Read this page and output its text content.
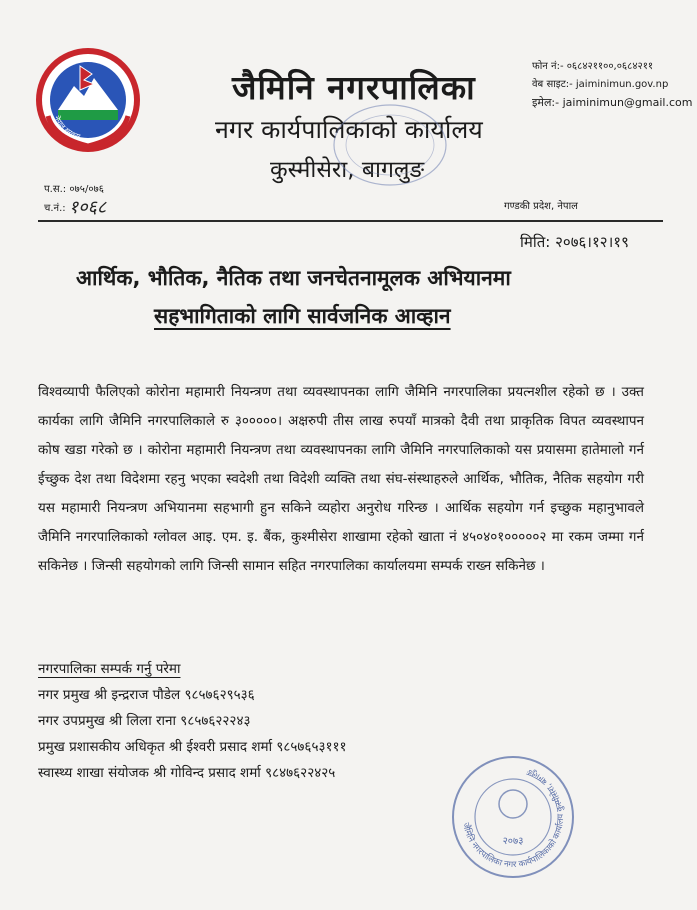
नेपाल सरकार
जैमिनि नगरपालिका
नगर कार्यपालिकाको कार्यालय
कुस्मीसेरा, बागलुङ
फोन नं:- ०६८४२११००,०६८४२११
वेब साइट:- jaiminimun.gov.np
इमेल:- jaiminimun@gmail.com
प.स.: ०७५/०७६
च.नं.: १०६८	गण्डकी प्रदेश, नेपाल
मिति: २०७६।१२।१९
आर्थिक, भौतिक, नैतिक तथा जनचेतनामूलक अभियानमा
सहभागिताको लागि सार्वजनिक आव्हान
विश्वव्यापी फैलिएको कोरोना महामारी नियन्त्रण तथा व्यवस्थापनका लागि जैमिनि नगरपालिका प्रयत्नशील रहेको छ । उक्त कार्यका लागि जैमिनि नगरपालिकाले रु ३०००००। अक्षरुपी तीस लाख रुपयाँ मात्रको दैवी तथा प्राकृतिक विपत व्यवस्थापन कोष खडा गरेको छ । कोरोना महामारी नियन्त्रण तथा व्यवस्थापनका लागि जैमिनि नगरपालिकाको यस प्रयासमा हातेमालो गर्न ईच्छुक देश तथा विदेशमा रहनु भएका स्वदेशी तथा विदेशी व्यक्ति तथा संघ-संस्थाहरुले आर्थिक, भौतिक, नैतिक सहयोग गरी यस महामारी नियन्त्रण अभियानमा सहभागी हुन सकिने व्यहोरा अनुरोध गरिन्छ । आर्थिक सहयोग गर्न इच्छुक महानुभावले जैमिनि नगरपालिकाको ग्लोवल आइ. एम. इ. बैंक, कुश्मीसेरा शाखामा रहेको खाता नं ४५०४०१०००००२ मा रकम जम्मा गर्न सकिनेछ । जिन्सी सहयोगको लागि जिन्सी सामान सहित नगरपालिका कार्यालयमा सम्पर्क राख्न सकिनेछ ।
नगरपालिका सम्पर्क गर्नु परेमा
नगर प्रमुख श्री इन्द्रराज पौडेल ९८५७६२९५३६
नगर उपप्रमुख श्री लिला राना ९८५७६२२२४३
प्रमुख प्रशासकीय अधिकृत श्री ईश्वरी प्रसाद शर्मा ९८५७६५३१११
स्वास्थ्य शाखा संयोजक श्री गोविन्द प्रसाद शर्मा ९८४७६२२४२५
जैमिनि नगरपालिका नगर कार्यपालिकाको कार्यालय कुस्मीसेरा, बागलुङ
२०७३
